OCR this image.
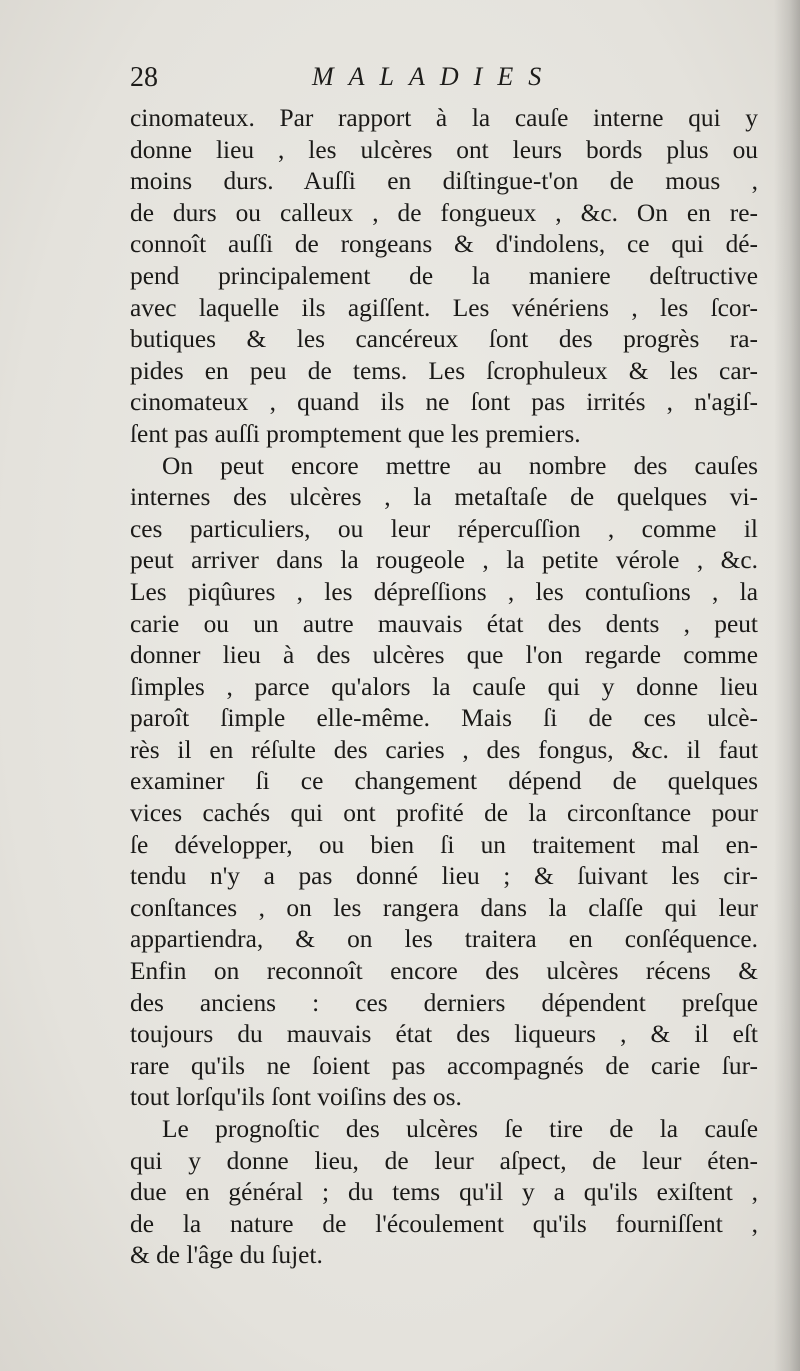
28	MALADIES
cinomateux. Par rapport à la cauſe interne qui y
donne lieu , les ulcères ont leurs bords plus ou
moins durs. Auſſi en diſtingue-t'on de mous ,
de durs ou calleux , de fongueux , &c. On en re-
connoît auſſi de rongeans & d'indolens, ce qui dé-
pend principalement de la maniere deſtructive
avec laquelle ils agiſſent. Les vénériens , les ſcor-
butiques & les cancéreux ſont des progrès ra-
pides en peu de tems. Les ſcrophuleux & les car-
cinomateux , quand ils ne ſont pas irrités , n'agiſ-
ſent pas auſſi promptement que les premiers.
On peut encore mettre au nombre des cauſes
internes des ulcères , la metaſtaſe de quelques vi-
ces particuliers, ou leur répercuſſion , comme il
peut arriver dans la rougeole , la petite vérole , &c.
Les piqûures , les dépreſſions , les contuſions , la
carie ou un autre mauvais état des dents , peut
donner lieu à des ulcères que l'on regarde comme
ſimples , parce qu'alors la cauſe qui y donne lieu
paroît ſimple elle-même. Mais ſi de ces ulcè-
rès il en réſulte des caries , des fongus, &c. il faut
examiner ſi ce changement dépend de quelques
vices cachés qui ont profité de la circonſtance pour
ſe développer, ou bien ſi un traitement mal en-
tendu n'y a pas donné lieu ; & ſuivant les cir-
conſtances , on les rangera dans la claſſe qui leur
appartiendra, & on les traitera en conſéquence.
Enfin on reconnoît encore des ulcères récens &
des anciens : ces derniers dépendent preſque
toujours du mauvais état des liqueurs , & il eſt
rare qu'ils ne ſoient pas accompagnés de carie ſur-
tout lorſqu'ils ſont voiſins des os.
Le prognoſtic des ulcères ſe tire de la cauſe
qui y donne lieu, de leur aſpect, de leur éten-
due en général ; du tems qu'il y a qu'ils exiſtent ,
de la nature de l'écoulement qu'ils fourniſſent ,
& de l'âge du ſujet.
